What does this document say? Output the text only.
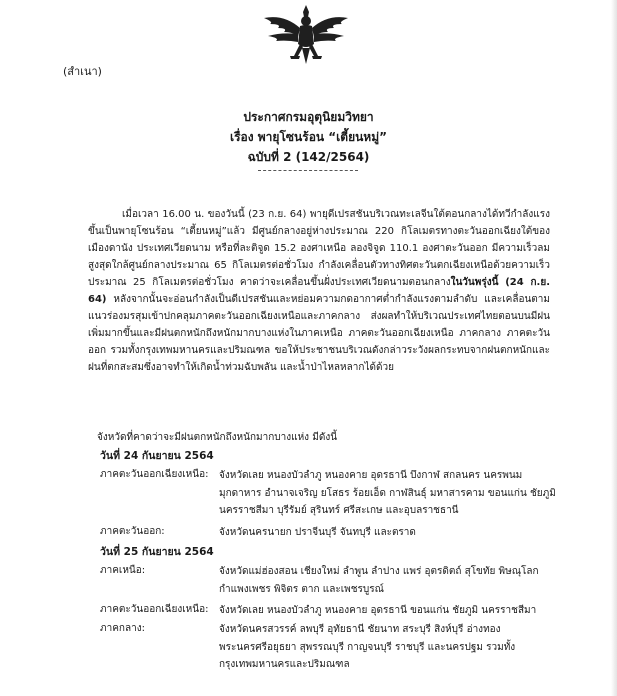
(สำเนา)
ประกาศกรมอุตุนิยมวิทยา
เรื่อง พายุโซนร้อน “เตี้ยนหมู่”
ฉบับที่ 2 (142/2564)
เมื่อเวลา 16.00 น. ของวันนี้ (23 ก.ย. 64) พายุดีเปรสชันบริเวณทะเลจีนใต้ตอนกลางได้ทวีกำลังแรงขึ้นเป็นพายุโซนร้อน “เตี้ยนหมู่”แล้ว มีศูนย์กลางอยู่ห่างประมาณ 220 กิโลเมตรทางตะวันออกเฉียงใต้ของเมืองดานัง ประเทศเวียดนาม หรือที่ละติจูด 15.2 องศาเหนือ ลองจิจูด 110.1 องศาตะวันออก มีความเร็วลมสูงสุดใกล้ศูนย์กลางประมาณ 65 กิโลเมตรต่อชั่วโมง กำลังเคลื่อนตัวทางทิศตะวันตกเฉียงเหนือด้วยความเร็วประมาณ 25 กิโลเมตรต่อชั่วโมง คาดว่าจะเคลื่อนขึ้นฝั่งประเทศเวียดนามตอนกลางในวันพรุ่งนี้ (24 ก.ย. 64) หลังจากนั้นจะอ่อนกำลังเป็นดีเปรสชันและหย่อมความกดอากาศต่ำกำลังแรงตามลำดับ และเคลื่อนตามแนวร่องมรสุมเข้าปกคลุมภาคตะวันออกเฉียงเหนือและภาคกลาง ส่งผลทำให้บริเวณประเทศไทยตอนบนมีฝนเพิ่มมากขึ้นและมีฝนตกหนักถึงหนักมากบางแห่งในภาคเหนือ ภาคตะวันออกเฉียงเหนือ ภาคกลาง ภาคตะวันออก รวมทั้งกรุงเทพมหานครและปริมณฑล ขอให้ประชาชนบริเวณดังกล่าวระวังผลกระทบจากฝนตกหนักและฝนที่ตกสะสมซึ่งอาจทำให้เกิดน้ำท่วมฉับพลัน และน้ำป่าไหลหลากได้ด้วย
จังหวัดที่คาดว่าจะมีฝนตกหนักถึงหนักมากบางแห่ง มีดังนี้
วันที่ 24 กันยายน 2564
ภาคตะวันออกเฉียงเหนือ: จังหวัดเลย หนองบัวลำภู หนองคาย อุดรธานี บึงกาฬ สกลนคร นครพนม มุกดาหาร อำนาจเจริญ ยโสธร ร้อยเอ็ด กาฬสินธุ์ มหาสารคาม ขอนแก่น ชัยภูมิ นครราชสีมา บุรีรัมย์ สุรินทร์ ศรีสะเกษ และอุบลราชธานี
ภาคตะวันออก:	จังหวัดนครนายก ปราจีนบุรี จันทบุรี และตราด
วันที่ 25 กันยายน 2564
ภาคเหนือ:	จังหวัดแม่ฮ่องสอน เชียงใหม่ ลำพูน ลำปาง แพร่ อุตรดิตถ์ สุโขทัย พิษณุโลก กำแพงเพชร พิจิตร ตาก และเพชรบูรณ์
ภาคตะวันออกเฉียงเหนือ: จังหวัดเลย หนองบัวลำภู หนองคาย อุดรธานี ขอนแก่น ชัยภูมิ นครราชสีมา
ภาคกลาง:	จังหวัดนครสวรรค์ ลพบุรี อุทัยธานี ชัยนาท สระบุรี สิงห์บุรี อ่างทอง พระนครศรีอยุธยา สุพรรณบุรี กาญจนบุรี ราชบุรี และนครปฐม รวมทั้งกรุงเทพมหานครและปริมณฑล
